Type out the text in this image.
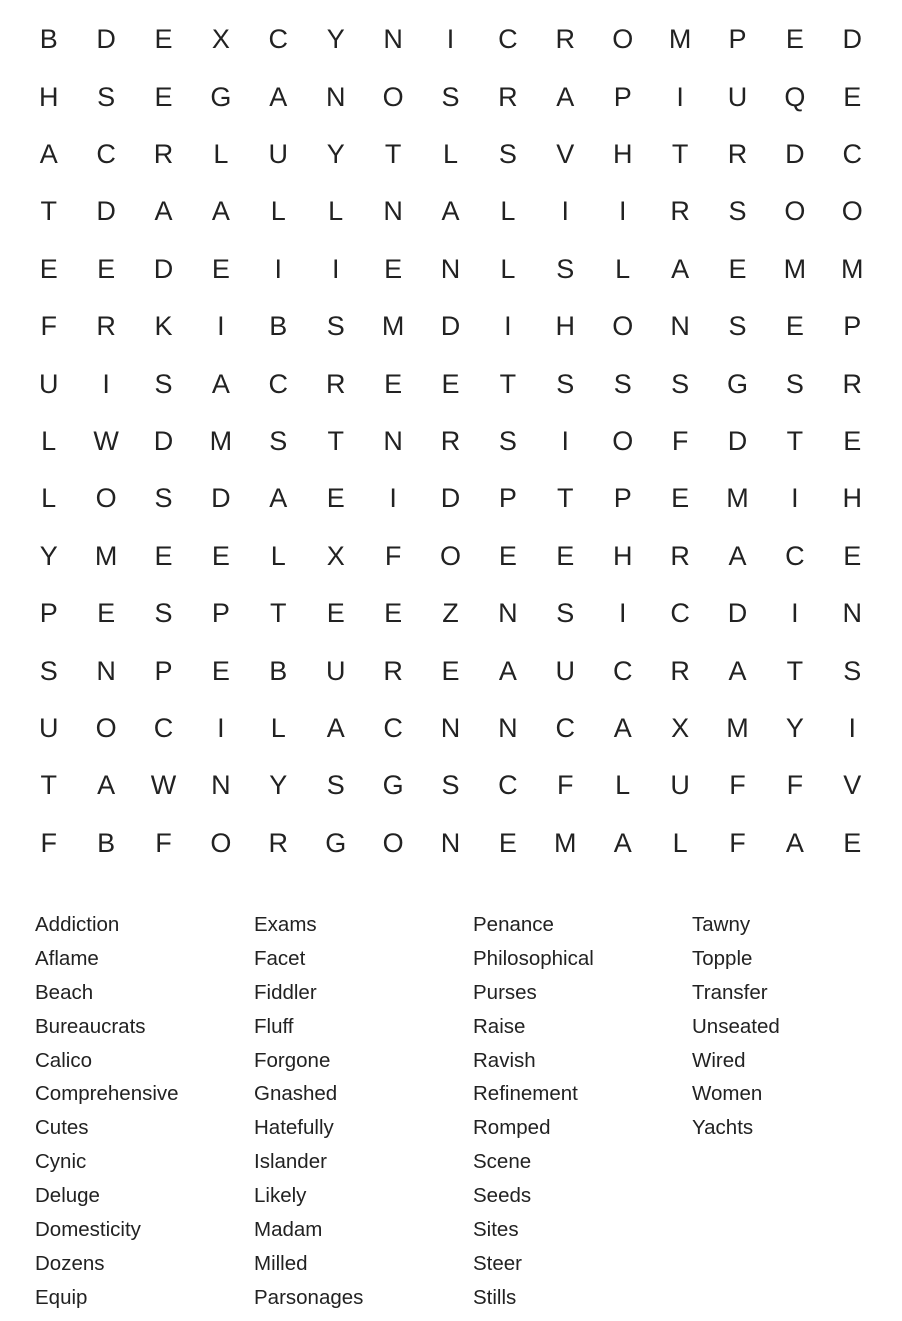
B	D	E	X	C	Y	N	I	C	R	O	M	P	E	D
H	S	E	G	A	N	O	S	R	A	P	I	U	Q	E
A	C	R	L	U	Y	T	L	S	V	H	T	R	D	C
T	D	A	A	L	L	N	A	L	I	I	R	S	O	O
E	E	D	E	I	I	E	N	L	S	L	A	E	M	M
F	R	K	I	B	S	M	D	I	H	O	N	S	E	P
U	I	S	A	C	R	E	E	T	S	S	S	G	S	R
L	W	D	M	S	T	N	R	S	I	O	F	D	T	E
L	O	S	D	A	E	I	D	P	T	P	E	M	I	H
Y	M	E	E	L	X	F	O	E	E	H	R	A	C	E
P	E	S	P	T	E	E	Z	N	S	I	C	D	I	N
S	N	P	E	B	U	R	E	A	U	C	R	A	T	S
U	O	C	I	L	A	C	N	N	C	A	X	M	Y	I
T	A	W	N	Y	S	G	S	C	F	L	U	F	F	V
F	B	F	O	R	G	O	N	E	M	A	L	F	A	E
Addiction
Aflame
Beach
Bureaucrats
Calico
Comprehensive
Cutes
Cynic
Deluge
Domesticity
Dozens
Equip
Exams
Facet
Fiddler
Fluff
Forgone
Gnashed
Hatefully
Islander
Likely
Madam
Milled
Parsonages
Penance
Philosophical
Purses
Raise
Ravish
Refinement
Romped
Scene
Seeds
Sites
Steer
Stills
Tawny
Topple
Transfer
Unseated
Wired
Women
Yachts
